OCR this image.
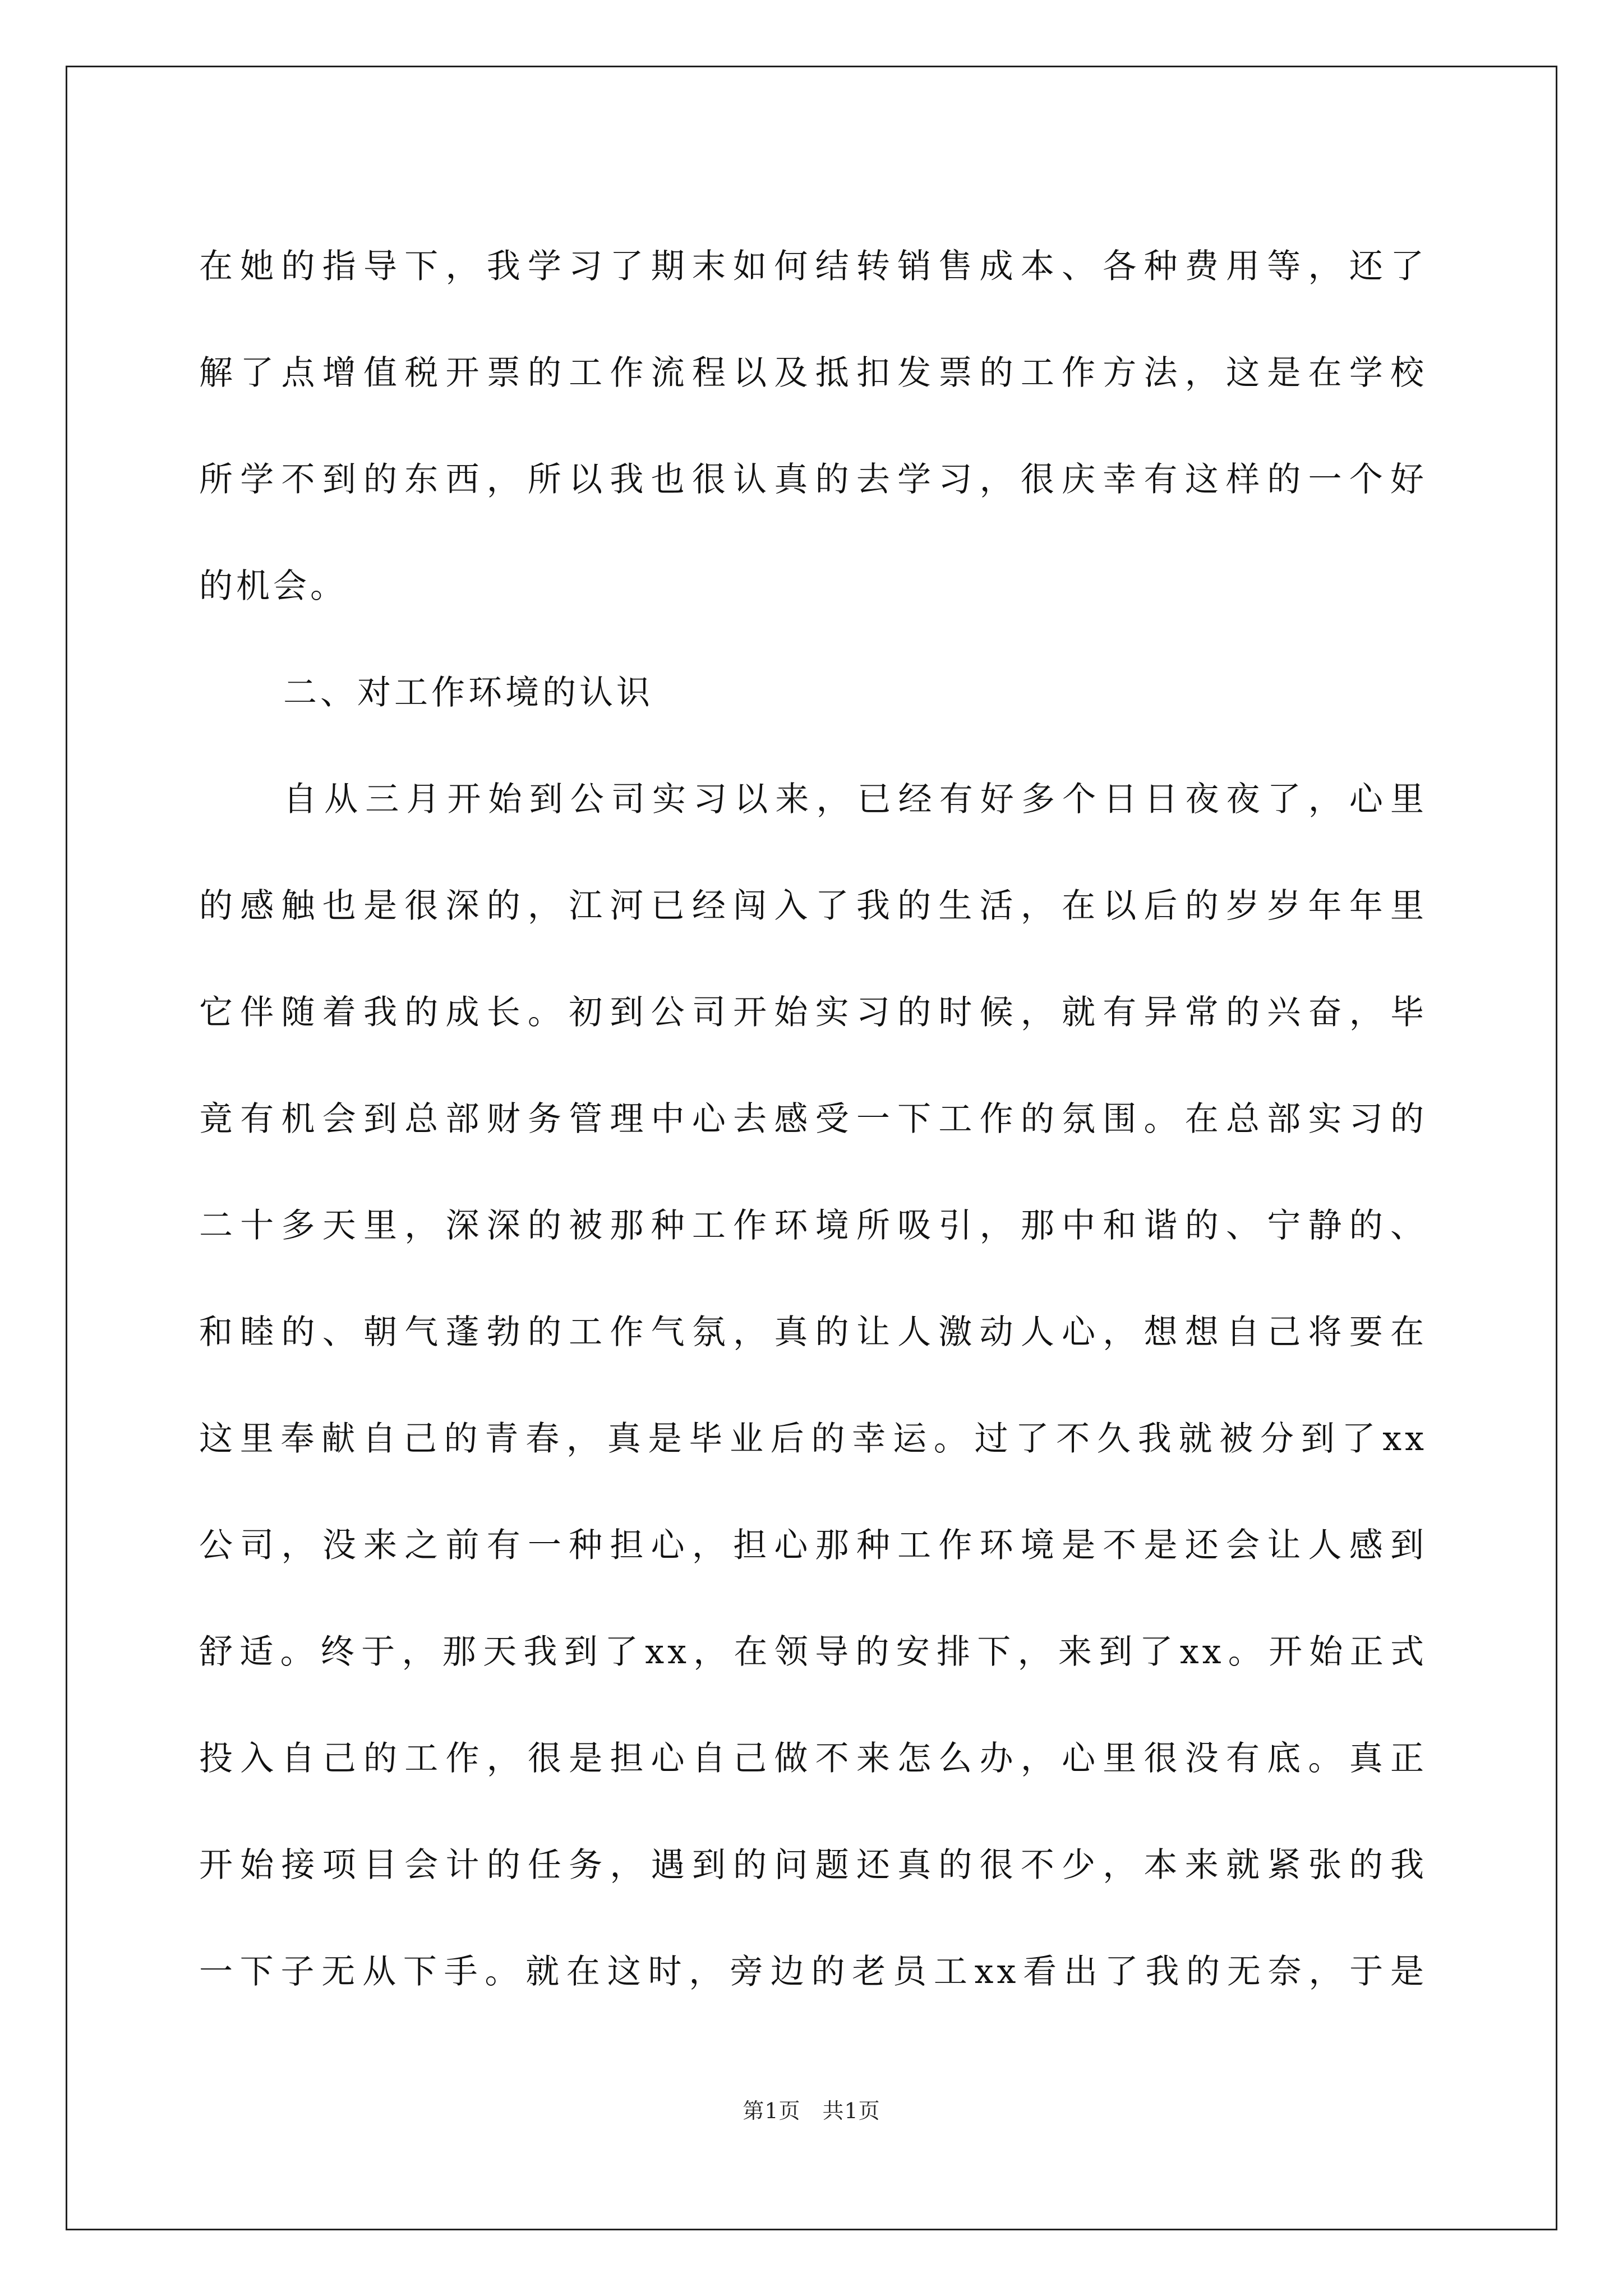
在她的指导下，我学习了期末如何结转销售成本、各种费用等，还了
解了点增值税开票的工作流程以及抵扣发票的工作方法，这是在学校
所学不到的东西，所以我也很认真的去学习，很庆幸有这样的一个好
的机会。
二、对工作环境的认识
自从三月开始到公司实习以来，已经有好多个日日夜夜了，心里
的感触也是很深的，江河已经闯入了我的生活，在以后的岁岁年年里
它伴随着我的成长。初到公司开始实习的时候，就有异常的兴奋，毕
竟有机会到总部财务管理中心去感受一下工作的氛围。在总部实习的
二十多天里，深深的被那种工作环境所吸引，那中和谐的、宁静的、
和睦的、朝气蓬勃的工作气氛，真的让人激动人心，想想自己将要在
这里奉献自己的青春，真是毕业后的幸运。过了不久我就被分到了xx
公司，没来之前有一种担心，担心那种工作环境是不是还会让人感到
舒适。终于，那天我到了xx，在领导的安排下，来到了xx。开始正式
投入自己的工作，很是担心自己做不来怎么办，心里很没有底。真正
开始接项目会计的任务，遇到的问题还真的很不少，本来就紧张的我
一下子无从下手。就在这时，旁边的老员工xx看出了我的无奈，于是
第1页　共1页
